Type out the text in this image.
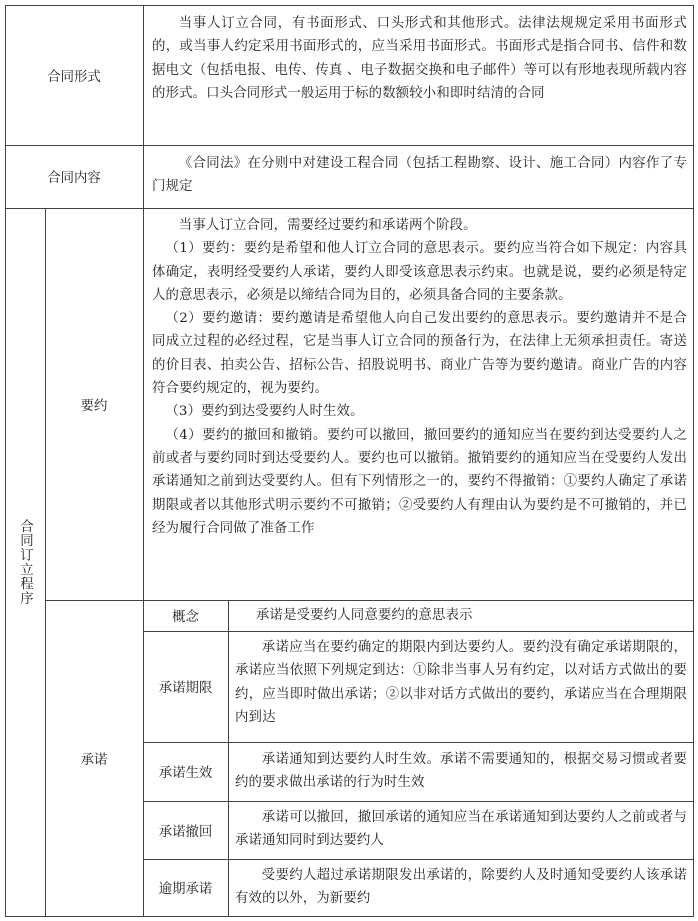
合同形式
当事人订立合同，有书面形式、口头形式和其他形式。法律法规规定采用书面形式的，或当事人约定采用书面形式的，应当采用书面形式。书面形式是指合同书、信件和数据电文（包括电报、电传、传真 、电子数据交换和电子邮件）等可以有形地表现所载内容的形式。口头合同形式一般运用于标的数额较小和即时结清的合同
合同内容
《合同法》在分则中对建设工程合同（包括工程勘察、设计、施工合同）内容作了专门规定
合同订立程序
要约

当事人订立合同，需要经过要约和承诺两个阶段。

（1）要约：要约是希望和他人订立合同的意思表示。要约应当符合如下规定：内容具体确定，表明经受要约人承诺，要约人即受该意思表示约束。也就是说，要约必须是特定人的意思表示，必须是以缔结合同为目的，必须具备合同的主要条款。

（2）要约邀请：要约邀请是希望他人向自己发出要约的意思表示。要约邀请并不是合同成立过程的必经过程，它是当事人订立合同的预备行为，在法律上无须承担责任。寄送的价目表、拍卖公告、招标公告、招股说明书、商业广告等为要约邀请。商业广告的内容符合要约规定的，视为要约。

（3）要约到达受要约人时生效。

（4）要约的撤回和撤销。要约可以撤回，撤回要约的通知应当在要约到达受要约人之前或者与要约同时到达受要约人。要约也可以撤销。撤销要约的通知应当在受要约人发出承诺通知之前到达受要约人。但有下列情形之一的，要约不得撤销：①要约人确定了承诺期限或者以其他形式明示要约不可撤销；②受要约人有理由认为要约是不可撤销的，并已经为履行合同做了准备工作

承诺
概念	承诺是受要约人同意要约的意思表示
承诺期限
承诺应当在要约确定的期限内到达要约人。要约没有确定承诺期限的，承诺应当依照下列规定到达：①除非当事人另有约定，以对话方式做出的要约，应当即时做出承诺；②以非对话方式做出的要约，承诺应当在合理期限内到达
承诺生效
承诺通知到达要约人时生效。承诺不需要通知的，根据交易习惯或者要约的要求做出承诺的行为时生效
承诺撤回
承诺可以撤回，撤回承诺的通知应当在承诺通知到达要约人之前或者与承诺通知同时到达要约人
逾期承诺
受要约人超过承诺期限发出承诺的，除要约人及时通知受要约人该承诺有效的以外，为新要约
